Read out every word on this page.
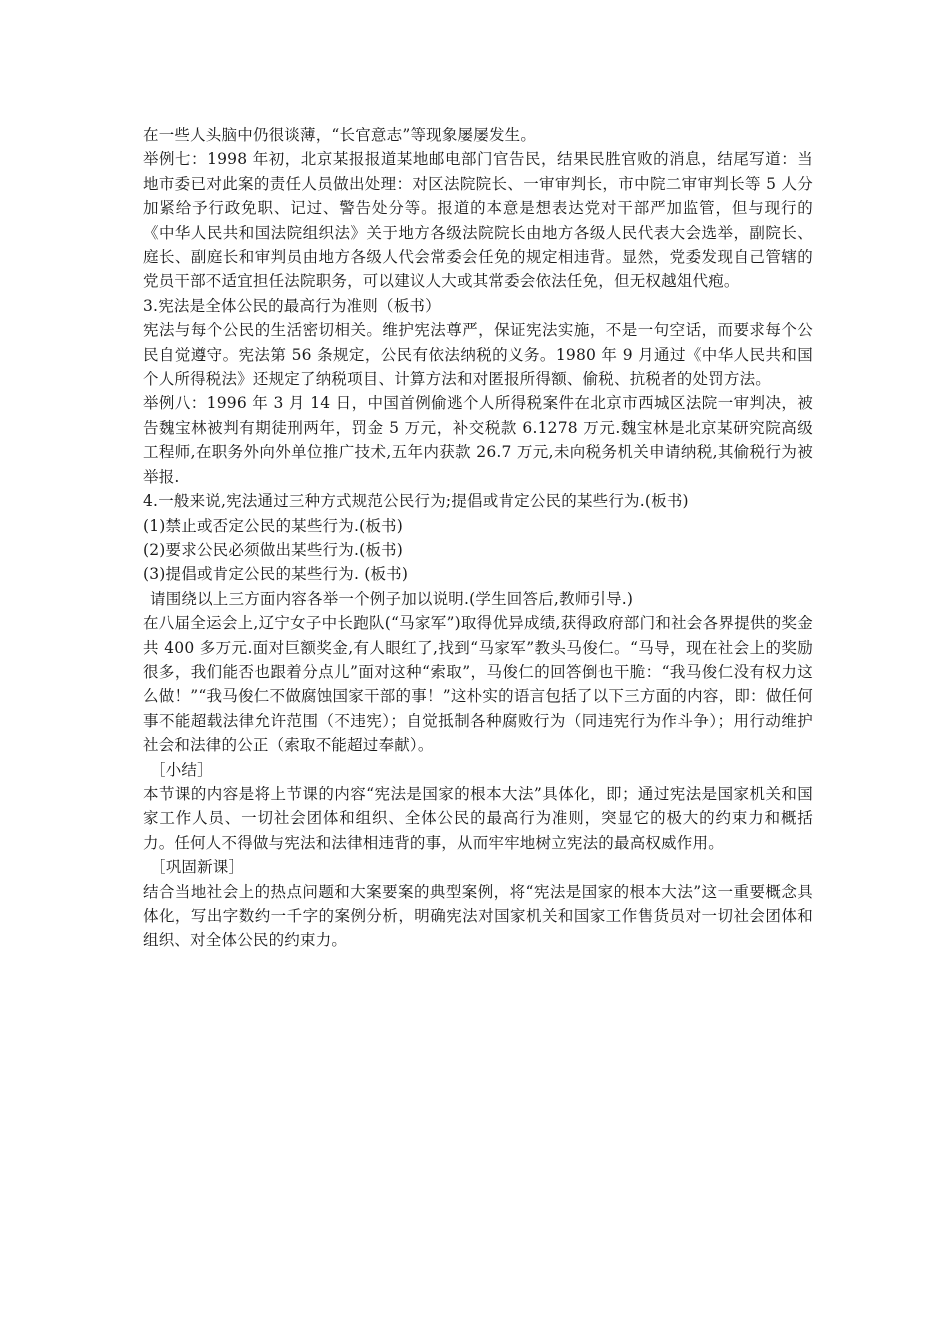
在一些人头脑中仍很谈薄，“长官意志”等现象屡屡发生。

举例七：1998 年初，北京某报报道某地邮电部门官告民，结果民胜官败的消息，结尾写道：当地市委已对此案的责任人员做出处理：对区法院院长、一审审判长，市中院二审审判长等 5 人分加紧给予行政免职、记过、警告处分等。报道的本意是想表达党对干部严加监管，但与现行的《中华人民共和国法院组织法》关于地方各级法院院长由地方各级人民代表大会选举，副院长、庭长、副庭长和审判员由地方各级人代会常委会任免的规定相违背。显然，党委发现自己管辖的党员干部不适宜担任法院职务，可以建议人大或其常委会依法任免，但无权越俎代疱。

3.宪法是全体公民的最高行为准则（板书）

宪法与每个公民的生活密切相关。维护宪法尊严，保证宪法实施，不是一句空话，而要求每个公民自觉遵守。宪法第 56 条规定，公民有依法纳税的义务。1980 年 9 月通过《中华人民共和国个人所得税法》还规定了纳税项目、计算方法和对匿报所得额、偷税、抗税者的处罚方法。

举例八：1996 年 3 月 14 日，中国首例偷逃个人所得税案件在北京市西城区法院一审判决，被告魏宝林被判有期徒刑两年，罚金 5 万元，补交税款 6.1278 万元.魏宝林是北京某研究院高级工程师,在职务外向外单位推广技术,五年内获款 26.7 万元,未向税务机关申请纳税,其偷税行为被举报.

4.一般来说,宪法通过三种方式规范公民行为;提倡或肯定公民的某些行为.(板书)

(1)禁止或否定公民的某些行为.(板书)

(2)要求公民必须做出某些行为.(板书)

(3)提倡或肯定公民的某些行为. (板书)

请围绕以上三方面内容各举一个例子加以说明.(学生回答后,教师引导.)

在八届全运会上,辽宁女子中长跑队(“马家军”)取得优异成绩,获得政府部门和社会各界提供的奖金共 400 多万元.面对巨额奖金,有人眼红了,找到“马家军”教头马俊仁。“马导，现在社会上的奖励很多，我们能否也跟着分点儿”面对这种“索取”，马俊仁的回答倒也干脆：“我马俊仁没有权力这么做！”“我马俊仁不做腐蚀国家干部的事！”这朴实的语言包括了以下三方面的内容，即：做任何事不能超载法律允许范围（不违宪）；自觉抵制各种腐败行为（同违宪行为作斗争）；用行动维护社会和法律的公正（索取不能超过奉献）。

［小结］

本节课的内容是将上节课的内容“宪法是国家的根本大法”具体化，即；通过宪法是国家机关和国家工作人员、一切社会团体和组织、全体公民的最高行为准则，突显它的极大的约束力和概括力。任何人不得做与宪法和法律相违背的事，从而牢牢地树立宪法的最高权威作用。

［巩固新课］

结合当地社会上的热点问题和大案要案的典型案例，将“宪法是国家的根本大法”这一重要概念具体化，写出字数约一千字的案例分析，明确宪法对国家机关和国家工作售货员对一切社会团体和组织、对全体公民的约束力。
